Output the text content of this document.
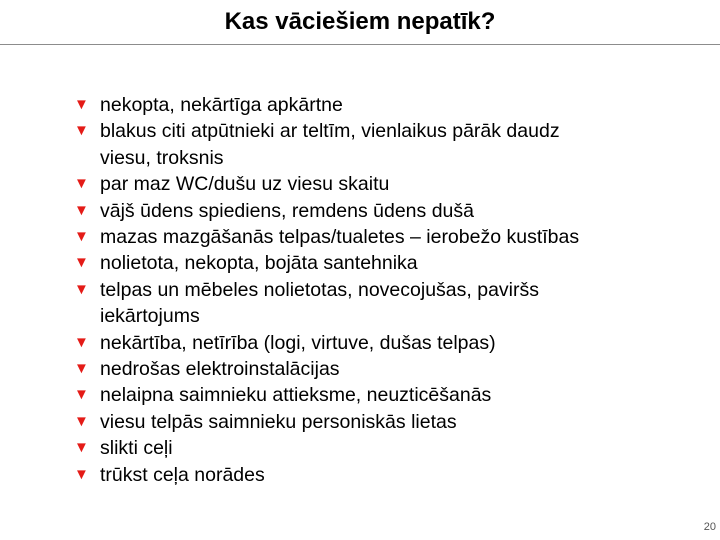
Kas vāciešiem nepatīk?
▼ nekopta, nekārtīga apkārtne
▼ blakus citi atpūtnieki ar teltīm, vienlaikus pārāk daudz
viesu, troksnis
▼ par maz WC/dušu uz viesu skaitu
▼ vājš ūdens spiediens, remdens ūdens dušā
▼ mazas mazgāšanās telpas/tualetes – ierobežo kustības
▼ nolietota, nekopta, bojāta santehnika
▼ telpas un mēbeles nolietotas, novecojušas, paviršs
iekārtojums
▼ nekārtība, netīrība (logi, virtuve, dušas telpas)
▼ nedrošas elektroinstalācijas
▼ nelaipna saimnieku attieksme, neuzticēšanās
▼ viesu telpās saimnieku personiskās lietas
▼ slikti ceļi
▼ trūkst ceļa norādes
20
